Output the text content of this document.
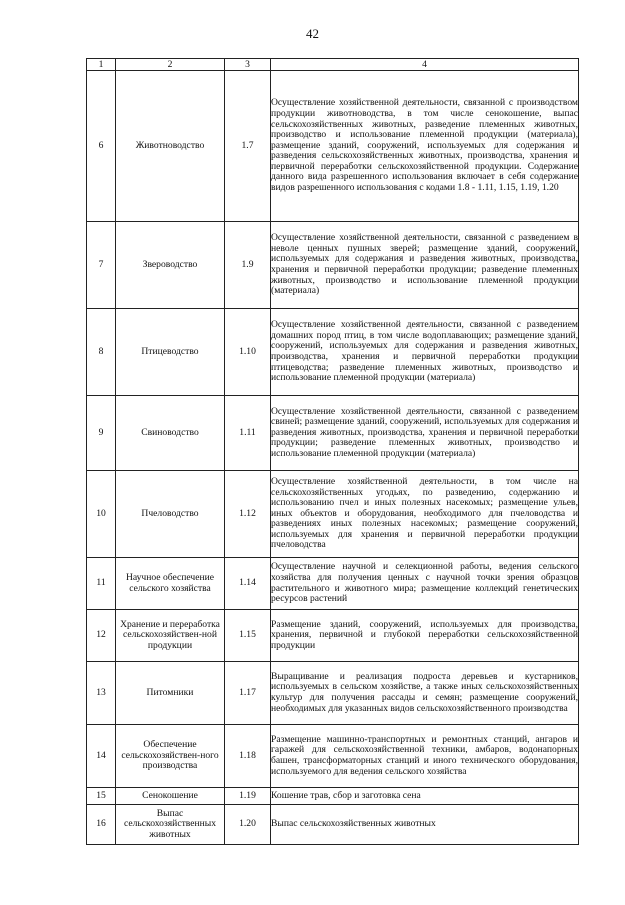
42
1	2	3	4
6	Животноводство	1.7	Осуществление хозяйственной деятельности, связанной с производством продукции животноводства, в том числе сенокошение, выпас сельскохозяйственных животных, разведение племенных животных, производство и использование племенной продукции (материала), размещение зданий, сооружений, используемых для содержания и разведения сельскохозяйственных животных, производства, хранения и первичной переработки сельскохозяйственной продукции. Содержание данного вида разрешенного использования включает в себя содержание видов разрешенного использования с кодами 1.8 - 1.11, 1.15, 1.19, 1.20
7	Звероводство	1.9	Осуществление хозяйственной деятельности, связанной с разведением в неволе ценных пушных зверей; размещение зданий, сооружений, используемых для содержания и разведения животных, производства, хранения и первичной переработки продукции; разведение племенных животных, производство и использование племенной продукции (материала)
8	Птицеводство	1.10	Осуществление хозяйственной деятельности, связанной с разведением домашних пород птиц, в том числе водоплавающих; размещение зданий, сооружений, используемых для содержания и разведения животных, производства, хранения и первичной переработки продукции птицеводства; разведение племенных животных, производство и использование племенной продукции (материала)
9	Свиноводство	1.11	Осуществление хозяйственной деятельности, связанной с разведением свиней; размещение зданий, сооружений, используемых для содержания и разведения животных, производства, хранения и первичной переработки продукции; разведение племенных животных, производство и использование племенной продукции (материала)
10	Пчеловодство	1.12	Осуществление хозяйственной деятельности, в том числе на сельскохозяйственных угодьях, по разведению, содержанию и использованию пчел и иных полезных насекомых; размещение ульев, иных объектов и оборудования, необходимого для пчеловодства и разведениях иных полезных насекомых; размещение сооружений, используемых для хранения и первичной переработки продукции пчеловодства
11	Научное обеспечение сельского хозяйства	1.14	Осуществление научной и селекционной работы, ведения сельского хозяйства для получения ценных с научной точки зрения образцов растительного и животного мира; размещение коллекций генетических ресурсов растений
12	Хранение и переработка сельскохозяйствен-ной продукции	1.15	Размещение зданий, сооружений, используемых для производства, хранения, первичной и глубокой переработки сельскохозяйственной продукции
13	Питомники	1.17	Выращивание и реализация подроста деревьев и кустарников, используемых в сельском хозяйстве, а также иных сельскохозяйственных культур для получения рассады и семян; размещение сооружений, необходимых для указанных видов сельскохозяйственного производства
14	Обеспечение сельскохозяйствен-ного производства	1.18	Размещение машинно-транспортных и ремонтных станций, ангаров и гаражей для сельскохозяйственной техники, амбаров, водонапорных башен, трансформаторных станций и иного технического оборудования, используемого для ведения сельского хозяйства
15	Сенокошение	1.19	Кошение трав, сбор и заготовка сена
16	Выпас сельскохозяйственных животных	1.20	Выпас сельскохозяйственных животных
